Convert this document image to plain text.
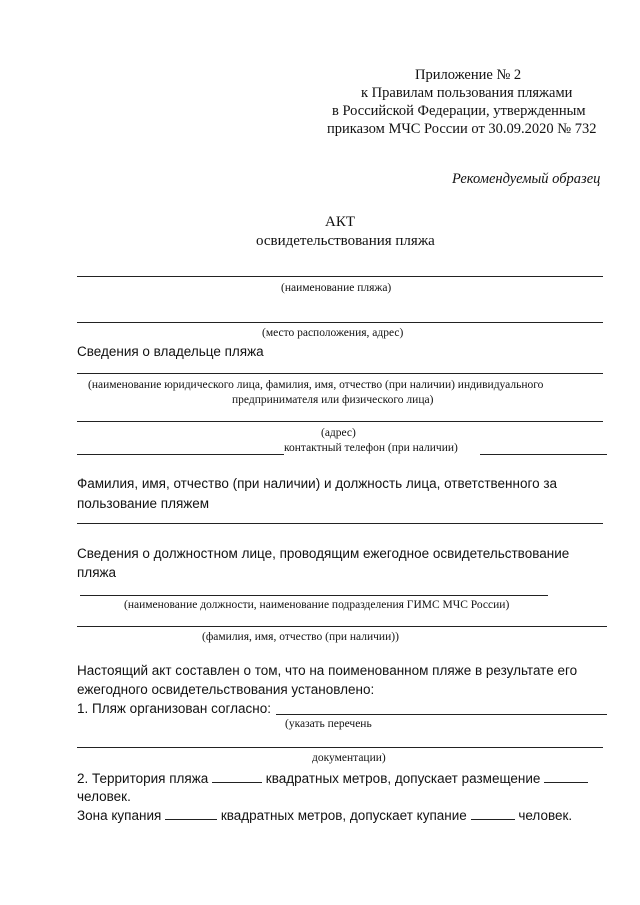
Приложение № 2
к Правилам пользования пляжами
в Российской Федерации, утвержденным
приказом МЧС России от 30.09.2020 № 732
Рекомендуемый образец
АКТ
освидетельствования пляжа
(наименование пляжа)
(место расположения, адрес)
Сведения о владельце пляжа
(наименование юридического лица, фамилия, имя, отчество (при наличии) индивидуального
предпринимателя или физического лица)
(адрес)
контактный телефон (при наличии)
Фамилия, имя, отчество (при наличии) и должность лица, ответственного за
пользование пляжем
Сведения о должностном лице, проводящим ежегодное освидетельствование
пляжа
(наименование должности, наименование подразделения ГИМС МЧС России)
(фамилия, имя, отчество (при наличии))
Настоящий акт составлен о том, что на поименованном пляже в результате его
ежегодного освидетельствования установлено:
1. Пляж организован согласно:
(указать перечень
документации)
2. Территория пляжа	квадратных метров, допускает размещение
человек.
Зона купания	квадратных метров, допускает купание	человек.
